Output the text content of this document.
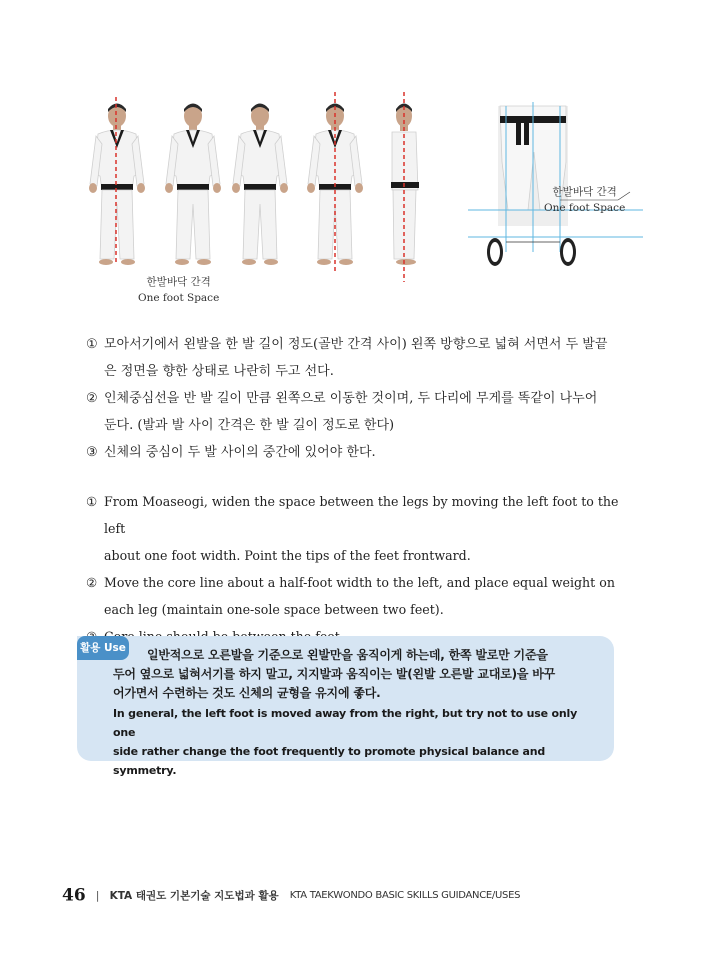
한발바닥 간격
One foot Space
한발바닥 간격
One foot Space
① 모아서기에서 왼발을 한 발 길이 정도(골반 간격 사이) 왼쪽 방향으로 넓혀 서면서 두 발끝
은 정면을 향한 상태로 나란히 두고 선다.
② 인체중심선을 반 발 길이 만큼 왼쪽으로 이동한 것이며, 두 다리에 무게를 똑같이 나누어
둔다. (발과 발 사이 간격은 한 발 길이 정도로 한다)
③ 신체의 중심이 두 발 사이의 중간에 있어야 한다.
① From Moaseogi, widen the space between the legs by moving the left foot to the left
about one foot width. Point the tips of the feet frontward.
② Move the core line about a half-foot width to the left, and place equal weight on
each leg (maintain one-sole space between two feet).
활용 Use	일반적으로 오른발을 기준으로 왼발만을 움직이게 하는데, 한쪽 발로만 기준을
두어 옆으로 넓혀서기를 하지 말고, 지지발과 움직이는 발(왼발 오른발 교대로)을 바꾸
어가면서 수련하는 것도 신체의 균형을 유지에 좋다.
In general, the left foot is moved away from the right, but try not to use only one
side rather change the foot frequently to promote physical balance and symmetry.
46 | KTA 태권도 기본기술 지도법과 활용 KTA TAEKWONDO BASIC SKILLS GUIDANCE/USES
